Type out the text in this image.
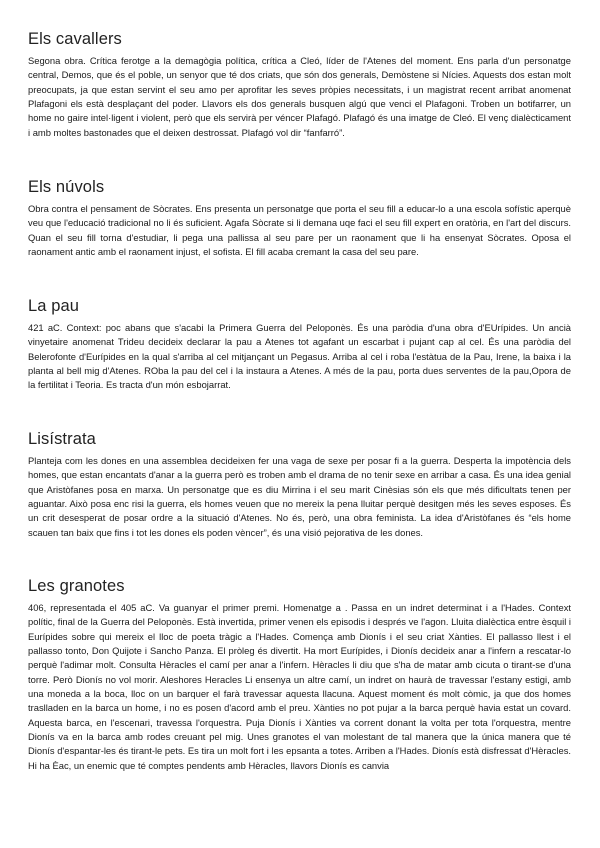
Els cavallers

Segona obra. Crítica ferotge a la demagògia política, crítica a Cleó, líder de l'Atenes del moment. Ens parla d'un personatge central, Demos, que és el poble, un senyor que té dos criats, que són dos generals, Demòstene si Nícies. Aquests dos estan molt preocupats, ja que estan servint el seu amo per aprofitar les seves pròpies necessitats, i un magistrat recent arribat anomenat Plafagoni els està desplaçant del poder. Llavors els dos generals busquen algú que venci el Plafagoni. Troben un botifarrer, un home no gaire intel·ligent i violent, però que els servirà per véncer Plafagó. Plafagó és una imatge de Cleó. El venç dialècticament i amb moltes bastonades que el deixen destrossat. Plafagó vol dir “fanfarró”.

Els núvols

Obra contra el pensament de Sòcrates. Ens presenta un personatge que porta el seu fill a educar-lo a una escola sofístic aperquè veu que l'educació tradicional no li és suficient. Agafa Sòcrate si li demana uqe faci el seu fill expert en oratòria, en l'art del discurs. Quan el seu fill torna d'estudiar, li pega una pallissa al seu pare per un raonament que li ha ensenyat Sòcrates. Oposa el raonament antic amb el raonament injust, el sofista. El fill acaba cremant la casa del seu pare.

La pau

421 aC. Context: poc abans que s'acabi la Primera Guerra del Peloponès. És una paròdia d'una obra d'EUrípides. Un ancià vinyetaire anomenat Trideu decideix declarar la pau a Atenes tot agafant un escarbat i pujant cap al cel. És una paròdia del Belerofonte d'Eurípides en la qual s'arriba al cel mitjançant un Pegasus. Arriba al cel i roba l'estàtua de la Pau, Irene, la baixa i la planta al bell mig d'Atenes. ROba la pau del cel i la instaura a Atenes. A més de la pau, porta dues serventes de la pau,Opora de la fertilitat i Teoria. Es tracta d'un món esbojarrat.

Lisístrata

Planteja com les dones en una assemblea decideixen fer una vaga de sexe per posar fi a la guerra. Desperta la impotència dels homes, que estan encantats d'anar a la guerra però es troben amb el drama de no tenir sexe en arribar a casa. És una idea genial que Aristòfanes posa en marxa. Un personatge que es diu Mirrina i el seu marit Cinèsias són els que més dificultats tenen per aguantar. Això posa enc risi la guerra, els homes veuen que no mereix la pena lluitar perquè desitgen més les seves esposes. És un crit desesperat de posar ordre a la situació d'Atenes. No és, però, una obra feminista. La idea d'Aristòfanes és “els home scauen tan baix que fins i tot les dones els poden vèncer”, és una visió pejorativa de les dones.

Les granotes

406, representada el 405 aC. Va guanyar el primer premi. Homenatge a . Passa en un indret determinat i a l'Hades. Context polític, final de la Guerra del Peloponès. Està invertida, primer venen els episodis i després ve l'agon. Lluita dialèctica entre èsquil i Eurípides sobre qui mereix el lloc de poeta tràgic a l'Hades. Comença amb Dionís i el seu criat Xànties. El pallasso llest i el pallasso tonto, Don Quijote i Sancho Panza. El pròleg és divertit. Ha mort Eurípides, i Dionís decideix anar a l'infern a rescatar-lo perquè l'adimar molt. Consulta Hèracles el camí per anar a l'infern. Hèracles li diu que s'ha de matar amb cicuta o tirant-se d'una torre. Però Dionís no vol morir. Aleshores Heracles Li ensenya un altre camí, un indret on haurà de travessar l'estany estigi, amb una moneda a la boca, lloc on un barquer el farà travessar aquesta llacuna. Aquest moment és molt còmic, ja que dos homes traslladen en la barca un home, i no es posen d'acord amb el preu. Xànties no pot pujar a la barca perquè havia estat un covard. Aquesta barca, en l'escenari, travessa l'orquestra. Puja Dionís i Xànties va corrent donant la volta per tota l'orquestra, mentre Dionís va en la barca amb rodes creuant pel mig. Unes granotes el van molestant de tal manera que la única manera que té Dionís d'espantar-les és tirant-le pets. Es tira un molt fort i les epsanta a totes. Arriben a l'Hades. Dionís està disfressat d'Hèracles. Hi ha Èac, un enemic que té comptes pendents amb Hèracles, llavors Dionís es canvia
